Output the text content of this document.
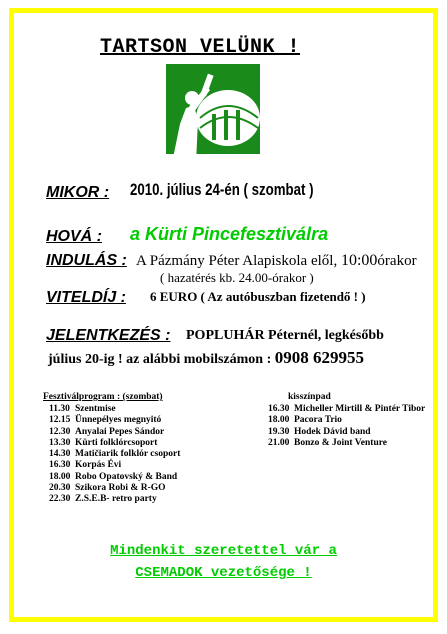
TARTSON VELÜNK !
MIKOR : 2010. július 24-én ( szombat )
HOVÁ : a Kürti Pincefesztiválra
INDULÁS : A Pázmány Péter Alapiskola elől, 10:00órakor
( hazatérés kb. 24.00-órakor )
VITELDÍJ : 6 EURO ( Az autóbuszban fizetendő ! )
JELENTKEZÉS : POPLUHÁR Péternél, legkésőbb
július 20-ig ! az alábbi mobilszámon : 0908 629955
Fesztiválprogram : (szombat)
11.30 Szentmise
12.15 Ünnepélyes megnyitó
12.30 Anyalai Pepes Sándor
13.30 Kürti folklórcsoport
14.30 Matičiarik folklór csoport
16.30 Korpás Évi
18.00 Robo Opatovský & Band
20.30 Szikora Robi & R-GO
22.30 Z.S.E.B- retro party
kisszínpad
16.30 Micheller Mirtill & Pintér Tibor
18.00 Pacora Trio
19.30 Hodek Dávid band
21.00 Bonzo & Joint Venture
Mindenkit szeretettel vár a
CSEMADOK vezetősége !
